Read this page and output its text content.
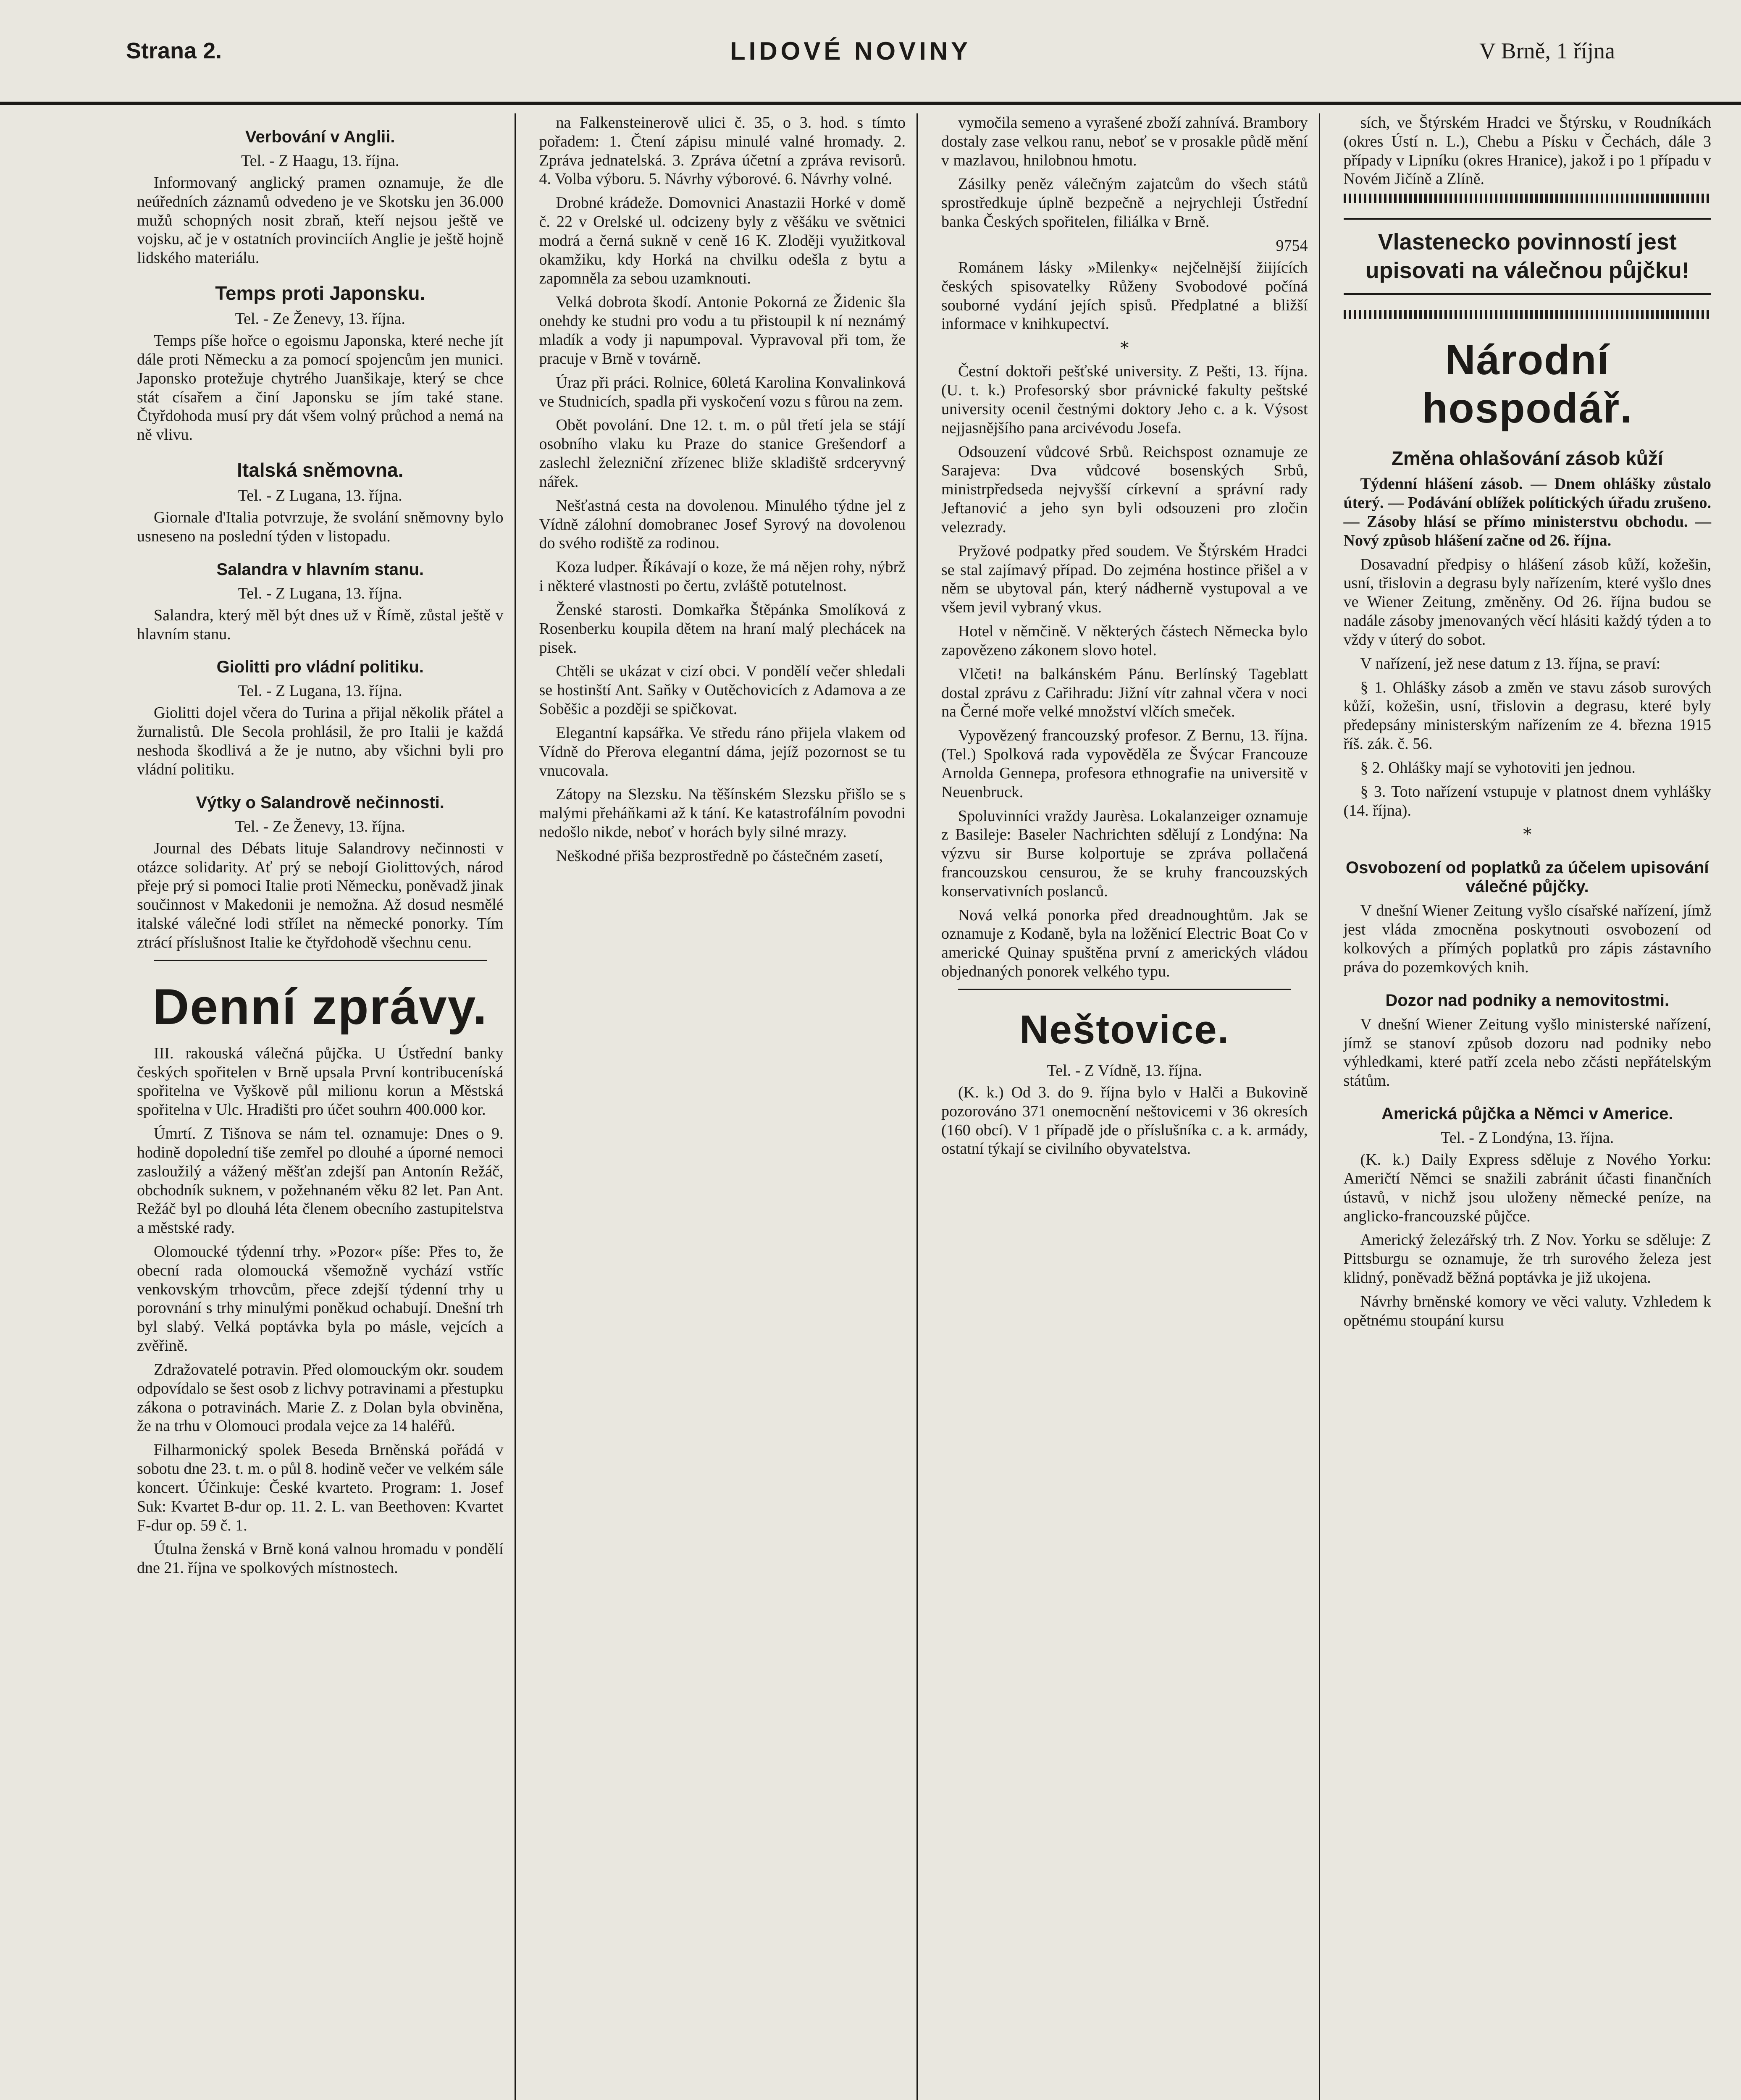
Strana 2.	LIDOVÉ NOVINY	V Brně, 1 října
Verbování v Anglii.
Tel. - Z Haagu, 13. října.

Informovaný anglický pramen oznamuje, že dle neúředních záznamů odvedeno je ve Skotsku jen 36.000 mužů schopných nosit zbraň, kteří nejsou ještě ve vojsku, ač je v ostatních provinciích Anglie je ještě hojně lidského materiálu.

Temps proti Japonsku.
Tel. - Ze Ženevy, 13. října.

Temps píše hořce o egoismu Japonska, které neche jít dále proti Německu a za pomocí spojencům jen munici. Japonsko protežuje chytrého Juanšikaje, který se chce stát císařem a činí Japonsku se jím také stane. Čtyřdohoda musí pry dát všem volný průchod a nemá na ně vlivu.

Italská sněmovna.
Tel. - Z Lugana, 13. října.

Giornale d'Italia potvrzuje, že svolání sněmovny bylo usneseno na poslední týden v listopadu.

Salandra v hlavním stanu.
Tel. - Z Lugana, 13. října.

Salandra, který měl být dnes už v Římě, zůstal ještě v hlavním stanu.

Giolitti pro vládní politiku.
Tel. - Z Lugana, 13. října.

Giolitti dojel včera do Turina a přijal několik přátel a žurnalistů. Dle Secola prohlásil, že pro Italii je každá neshoda škodlivá a že je nutno, aby všichni byli pro vládní politiku.

Výtky o Salandrově nečinnosti.
Tel. - Ze Ženevy, 13. října.

Journal des Débats lituje Salandrovy nečinnosti v otázce solidarity. Ať prý se nebojí Giolittových, národ přeje prý si pomoci Italie proti Německu, poněvadž jinak součinnost v Makedonii je nemožna. Až dosud nesmělé italské válečné lodi střílet na německé ponorky. Tím ztrácí příslušnost Italie ke čtyřdohodě všechnu cenu.

Denní zprávy.

III. rakouská válečná půjčka. U Ústřední banky českých spořitelen v Brně upsala První kontribuceníská spořitelna ve Vyškově půl milionu korun a Městská spořitelna v Ulc. Hradišti pro účet souhrn 400.000 kor.

Úmrtí. Z Tišnova se nám tel. oznamuje: Dnes o 9. hodině dopolední tiše zemřel po dlouhé a úporné nemoci zasloužilý a vážený měšťan zdejší pan Antonín Režáč, obchodník suknem, v požehnaném věku 82 let. Pan Ant. Režáč byl po dlouhá léta členem obecního zastupitelstva a městské rady.

Olomoucké týdenní trhy. »Pozor« píše: Přes to, že obecní rada olomoucká všemožně vychází vstříc venkovským trhovcům, přece zdejší týdenní trhy u porovnání s trhy minulými poněkud ochabují. Dnešní trh byl slabý. Velká poptávka byla po másle, vejcích a zvěřině.

Zdražovatelé potravin. Před olomouckým okr. soudem odpovídalo se šest osob z lichvy potravinami a přestupku zákona o potravinách. Marie Z. z Dolan byla obviněna, že na trhu v Olomouci prodala vejce za 14 haléřů.

Filharmonický spolek Beseda Brněnská pořádá v sobotu dne 23. t. m. o půl 8. hodině večer ve velkém sále koncert. Účinkuje: České kvarteto. Program: 1. Josef Suk: Kvartet B-dur op. 11. 2. L. van Beethoven: Kvartet F-dur op. 59 č. 1.

Útulna ženská v Brně koná valnou hromadu v pondělí dne 21. října ve spolkových místnostech.

na Falkensteinerově ulici č. 35, o 3. hod. s tímto pořadem: 1. Čtení zápisu minulé valné hromady. 2. Zpráva jednatelská. 3. Zpráva účetní a zpráva revisorů. 4. Volba výboru. 5. Návrhy výborové. 6. Návrhy volné.

Drobné krádeže. Domovnici Anastazii Horké v domě č. 22 v Orelské ul. odcizeny byly z věšáku ve světnici modrá a černá sukně v ceně 16 K. Zloději využitkoval okamžiku, kdy Horká na chvilku odešla z bytu a zapomněla za sebou uzamknouti.

Velká dobrota škodí. Antonie Pokorná ze Židenic šla onehdy ke studni pro vodu a tu přistoupil k ní neznámý mladík a vody ji napumpoval. Vypravoval při tom, že pracuje v Brně v továrně.

Úraz při práci. Rolnice, 60letá Karolina Konvalinková ve Studnicích, spadla při vyskočení vozu s fůrou na zem.

Obět povolání. Dne 12. t. m. o půl třetí jela se stájí osobního vlaku ku Praze do stanice Grešendorf a zaslechl železniční zřízenec bliže skladiště srdceryvný nářek.

Nešťastná cesta na dovolenou. Minulého týdne jel z Vídně zálohní domobranec Josef Syrový na dovolenou do svého rodiště za rodinou.

Koza ludper. Říkávají o koze, že má nějen rohy, nýbrž i některé vlastnosti po čertu, zvláště potutelnost.

Ženské starosti. Domkařka Štěpánka Smolíková z Rosenberku koupila dětem na hraní malý plechácek na pisek.

Chtěli se ukázat v cizí obci. V pondělí večer shledali se hostinští Ant. Saňky v Outěchovicích z Adamova a ze Soběšic a později se spičkovat.

Elegantní kapsářka. Ve středu ráno přijela vlakem od Vídně do Přerova elegantní dáma, jejíž pozornost se tu vnucovala.

Zátopy na Slezsku. Na těšínském Slezsku přišlo se s malými přeháňkami až k tání. Ke katastrofálním povodni nedošlo nikde, neboť v horách byly silné mrazy.

Neškodné přiša bezprostředně po částečném zasetí,

vymočila semeno a vyrašené zboží zahnívá. Brambory dostaly zase velkou ranu, neboť se v prosakle půdě mění v mazlavou, hnilobnou hmotu.

Zásilky peněz válečným zajatcům do všech států sprostředkuje úplně bezpečně a nejrychleji Ústřední banka Českých spořitelen, filiálka v Brně.

9754

Románem lásky »Milenky« nejčelnější žiijících českých spisovatelky Růženy Svobodové počíná souborné vydání jejích spisů. Předplatné a bližší informace v knihkupectví.

*

Čestní doktoři pešťské university. Z Pešti, 13. října. (U. t. k.) Profesorský sbor právnické fakulty peštské university ocenil čestnými doktory Jeho c. a k. Výsost nejjasnějšího pana arcivévodu Josefa.

Odsouzení vůdcové Srbů. Reichspost oznamuje ze Sarajeva: Dva vůdcové bosenských Srbů, ministrpředseda nejvyšší církevní a správní rady Jeftanović a jeho syn byli odsouzeni pro zločin velezrady.

Pryžové podpatky před soudem. Ve Štýrském Hradci se stal zajímavý případ. Do zejména hostince přišel a v něm se ubytoval pán, který nádherně vystupoval a ve všem jevil vybraný vkus.

Hotel v němčině. V některých částech Německa bylo zapovězeno zákonem slovo hotel.

Vlčeti! na balkánském Pánu. Berlínský Tageblatt dostal zprávu z Cařihradu: Jižní vítr zahnal včera v noci na Černé moře velké množství vlčích smeček.

Vypovězený francouzský profesor. Z Bernu, 13. října. (Tel.) Spolková rada vypověděla ze Švýcar Francouze Arnolda Gennepa, profesora ethnografie na universitě v Neuenbruck.

Spoluvinníci vraždy Jaurèsa. Lokalanzeiger oznamuje z Basileje: Baseler Nachrichten sdělují z Londýna: Na výzvu sir Burse kolportuje se zpráva pollačená francouzskou censurou, že se kruhy francouzských konservativních poslanců.

Nová velká ponorka před dreadnoughtům. Jak se oznamuje z Kodaně, byla na ložěnicí Electric Boat Co v americké Quinay spuštěna první z amerických vládou objednaných ponorek velkého typu.

Neštovice.
Tel. - Z Vídně, 13. října.

(K. k.) Od 3. do 9. října bylo v Halči a Bukovině pozorováno 371 onemocnění neštovicemi v 36 okresích (160 obcí). V 1 případě jde o příslušníka c. a k. armády, ostatní týkají se civilního obyvatelstva.

sích, ve Štýrském Hradci ve Štýrsku, v Roudníkách (okres Ústí n. L.), Chebu a Písku v Čechách, dále 3 případy v Lipníku (okres Hranice), jakož i po 1 případu v Novém Jičíně a Zlíně.

Vlastenecko povinností jest upisovati na válečnou půjčku!
Národní hospodář.
Změna ohlašování zásob kůží

Týdenní hlášení zásob. — Dnem ohlášky zůstalo úterý. — Podávání oblížek polítických úřadu zrušeno. — Zásoby hlásí se přímo ministerstvu obchodu. — Nový způsob hlášení začne od 26. října.

Dosavadní předpisy o hlášení zásob kůží, kožešin, usní, třislovin a degrasu byly nařízením, které vyšlo dnes ve Wiener Zeitung, změněny. Od 26. října budou se nadále zásoby jmenovaných věcí hlásiti každý týden a to vždy v úterý do sobot.

V nařízení, jež nese datum z 13. října, se praví:

§ 1. Ohlášky zásob a změn ve stavu zásob surových kůží, kožešin, usní, třislovin a degrasu, které byly předepsány ministerským nařízením ze 4. března 1915 říš. zák. č. 56.

§ 2. Ohlášky mají se vyhotoviti jen jednou.

§ 3. Toto nařízení vstupuje v platnost dnem vyhlášky (14. října).

*
Osvobození od poplatků za účelem upisování válečné půjčky.

V dnešní Wiener Zeitung vyšlo císařské nařízení, jímž jest vláda zmocněna poskytnouti osvobození od kolkových a přímých poplatků pro zápis zástavního práva do pozemkových knih.

Dozor nad podniky a nemovitostmi.

V dnešní Wiener Zeitung vyšlo ministerské nařízení, jímž se stanoví způsob dozoru nad podniky nebo výhledkami, které patří zcela nebo zčásti nepřátelským státům.

Americká půjčka a Němci v Americe.
Tel. - Z Londýna, 13. října.

(K. k.) Daily Express sděluje z Nového Yorku: Američtí Němci se snažili zabránit účasti finančních ústavů, v nichž jsou uloženy německé peníze, na anglicko-francouzské půjčce.

Americký železářský trh. Z Nov. Yorku se sděluje: Z Pittsburgu se oznamuje, že trh surového železa jest klidný, poněvadž běžná poptávka je již ukojena.

Návrhy brněnské komory ve věci valuty. Vzhledem k opětnému stoupání kursu
